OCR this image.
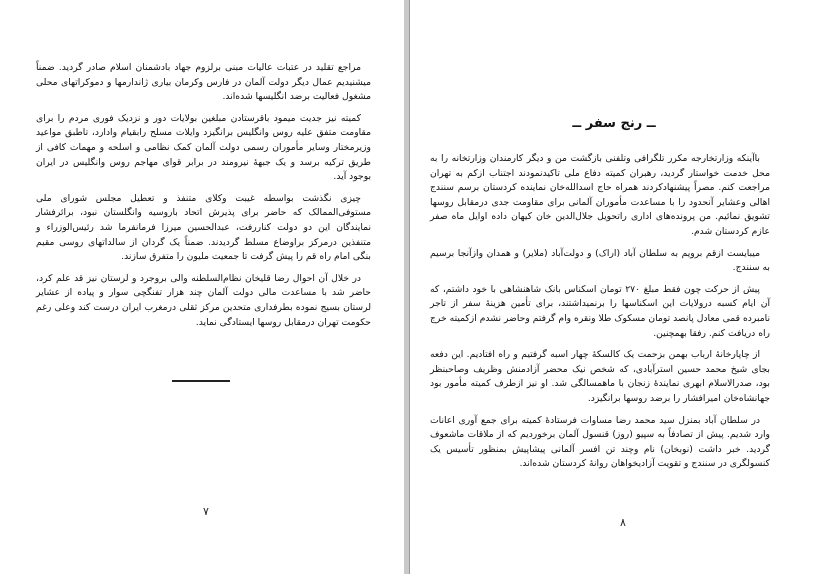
مراجع تقلید در عتبات عالیات مبنی برلزوم جهاد بادشمنان اسلام صادر گردید. ضمناً میشنیدیم عمال دیگر دولت آلمان در فارس وکرمان بیاری ژاندارمها و دموکراتهای محلی مشغول فعالیت برضد انگلیسها شده‌اند.

کمیته نیز جدیت میمود باقرستادن مبلغین بولایات دور و نزدیک فوری مردم را برای مقاومت متفق علیه روس وانگلیس برانگیزد وایلات مسلح رابقیام وادارد، تاطبق مواعید وزیرمختار وسایر مأموران رسمی دولت آلمان کمک نظامی و اسلحه و مهمات کافی از طریق ترکیه برسد و یک جبههٔ نیرومند در برابر قوای مهاجم روس وانگلیس در ایران بوجود آید.

چیزی نگذشت بواسطه غیبت وکلای متنفذ و تعطیل مجلس شورای ملی مستوفی‌الممالک که حاضر برای پذیرش اتحاد باروسیه وانگلستان نبود، برائرفشار نمایندگان این دو دولت کناررفت، عبدالحسین میرزا فرمانفرما شد رئیس‌الوزراء و متنفذین درمرکز براوضاع مسلط گردیدند. ضمناً یک گردان از سالداتهای روسی مقیم بنگی امام راه قم را پیش گرفت تا جمعیت ملیون را متفرق سازند.

در خلال آن احوال رضا قلیخان نظام‌السلطنه والی بروجرد و لرستان نیز قد علم کرد، حاضر شد با مساعدت مالی دولت آلمان چند هزار تفنگچی سوار و پیاده از عشایر لرستان بسیج نموده بطرفداری متحدین مرکز ثقلی درمغرب ایران درست کند وعلی رغم حکومت تهران درمقابل روسها ایستادگی نماید.

۷
ــ رنج سفر ــ

باآینکه وزارتخارجه مکرر تلگرافی وتلفنی بازگشت من و دیگر کارمندان وزارتخانه را به محل خدمت خواستار گردید، رهبران کمیته دفاع ملی تاکیدنمودند اجتناب ازکم به تهران مراجعت کنم. مصراً پیشنهادکردند همراه حاج اسدالله‌خان نماینده کردستان برسم سنندج اهالی وعشایر آنحدود را با مساعدت مأموران آلمانی برای مقاومت جدی درمقابل روسها تشویق نمائیم. من پرونده‌های اداری راتحویل جلال‌الدین خان کیهان داده اوایل ماه صفر عازم کردستان شدم.

میبایست ازقم برویم به سلطان آباد (اراک) و دولت‌آباد (ملایر) و همدان وازآنجا برسیم به سنندج.

پیش از حرکت چون فقط مبلغ ۲۷۰ تومان اسکناس بانک شاهنشاهی با خود داشتم، که آن ایام کسبه درولایات این اسکناسها را برنمیداشتند، برای تأمین هزینهٔ سفر از تاجر نامبرده قمی معادل پانصد تومان مسکوک طلا ونقره وام گرفتم وحاضر نشدم ازکمیته خرج راه دریافت کنم. رفقا بهمچنین.

از چاپارخانهٔ ارباب بهمن بزحمت یک کالسکهٔ چهار اسبه گرفتیم و راه افتادیم. این دفعه بجای شیخ محمد حسین استرآبادی، که شخص نیک محضر آزادمنش وظریف وصاحبنظر بود، صدرالاسلام ابهری نمایندهٔ زنجان با ماهمسالگی شد. او نیز ازطرف کمیته مأمور بود جهانشاه‌خان امیرافشار را برضد روسها برانگیزد.

در سلطان آباد بمنزل سید محمد رضا مساوات فرستادهٔ کمیته برای جمع آوری اعانات وارد شدیم. پیش از تصادفاً به سپیو (روز) قنسول آلمان برخوردیم که از ملاقات ماشعوف گردید. خبر داشت (نوبخان) نام وچند تن افسر آلمانی پیشاپیش بمنظور تأسیس یک کنسولگری در سنندج و تقویت آزادیخواهان روانهٔ کردستان شده‌اند.

۸
